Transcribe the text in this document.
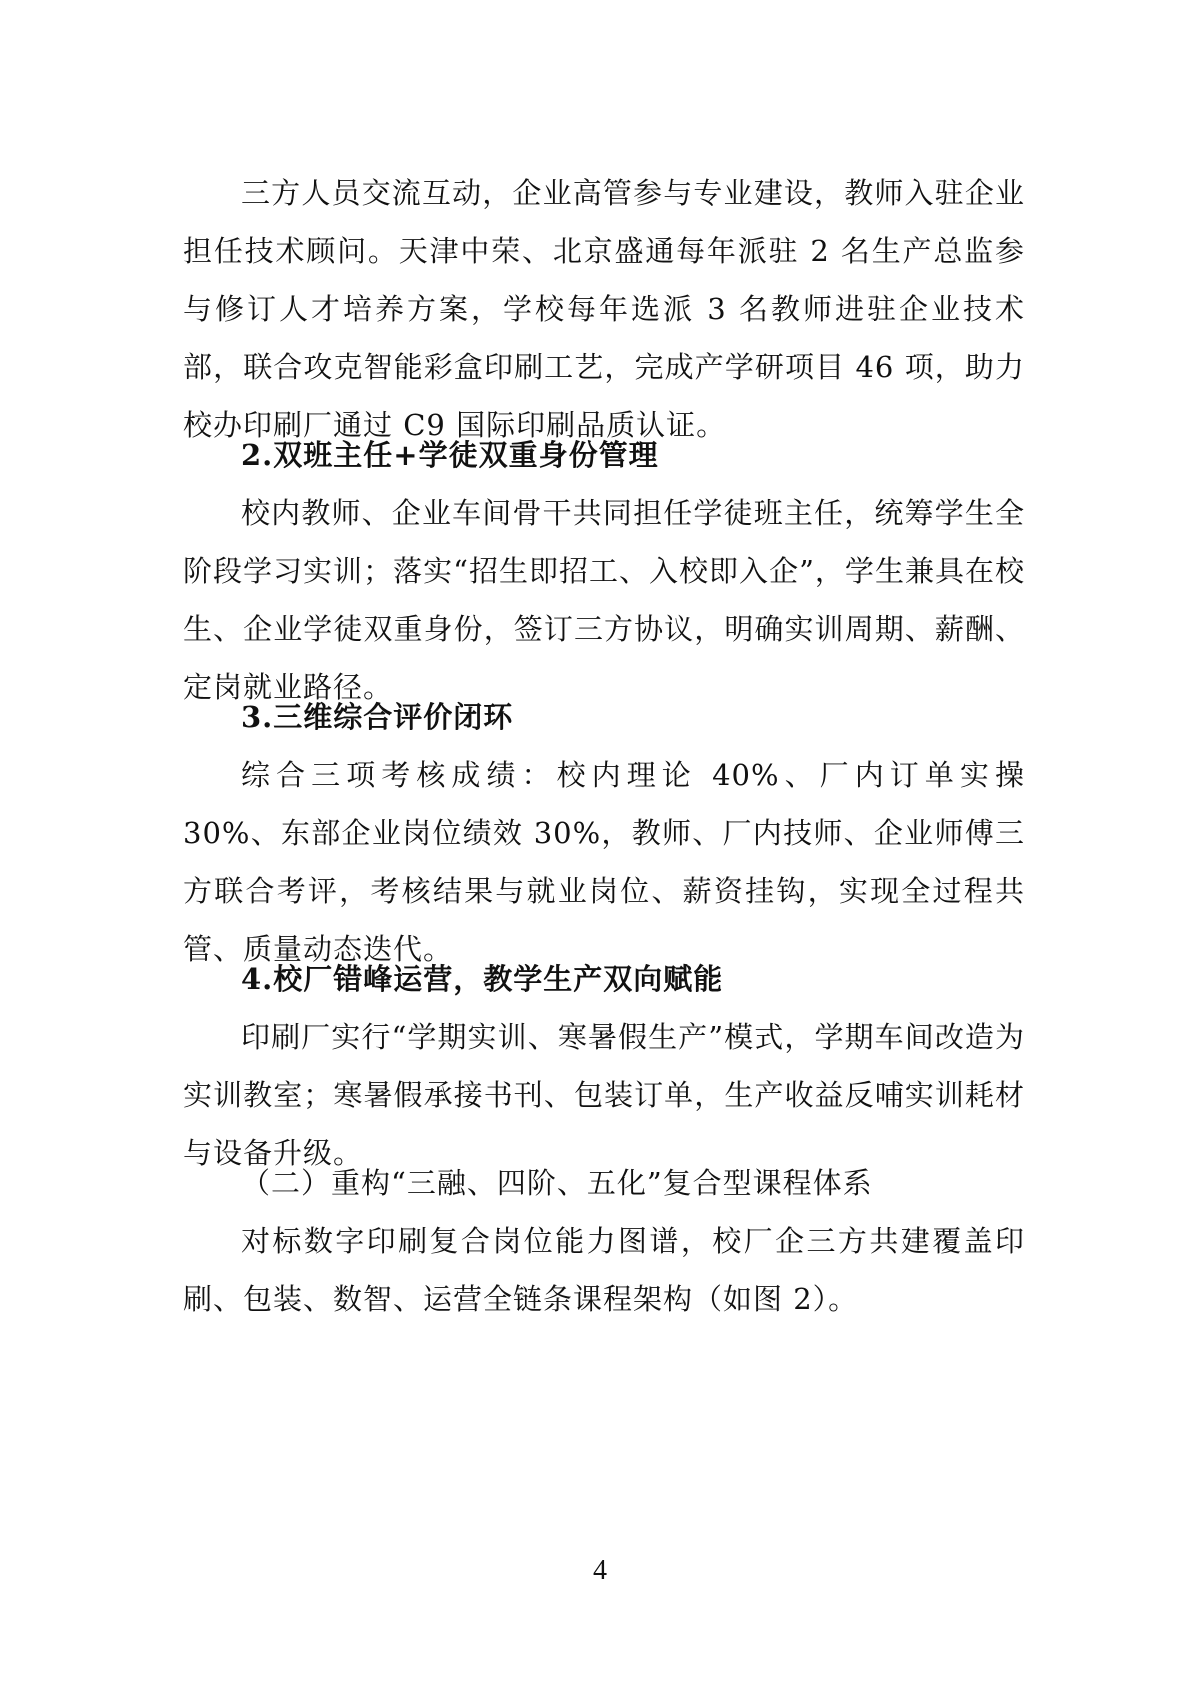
三方人员交流互动，企业高管参与专业建设，教师入驻企业担任技术顾问。天津中荣、北京盛通每年派驻 2 名生产总监参与修订人才培养方案，学校每年选派 3 名教师进驻企业技术部，联合攻克智能彩盒印刷工艺，完成产学研项目 46 项，助力校办印刷厂通过 C9 国际印刷品质认证。

2.双班主任+学徒双重身份管理

校内教师、企业车间骨干共同担任学徒班主任，统筹学生全阶段学习实训；落实“招生即招工、入校即入企”，学生兼具在校生、企业学徒双重身份，签订三方协议，明确实训周期、薪酬、定岗就业路径。

3.三维综合评价闭环

综合三项考核成绩：校内理论 40%、厂内订单实操 30%、东部企业岗位绩效 30%，教师、厂内技师、企业师傅三方联合考评，考核结果与就业岗位、薪资挂钩，实现全过程共管、质量动态迭代。

4.校厂错峰运营，教学生产双向赋能

印刷厂实行“学期实训、寒暑假生产”模式，学期车间改造为实训教室；寒暑假承接书刊、包装订单，生产收益反哺实训耗材与设备升级。

（二）重构“三融、四阶、五化”复合型课程体系

对标数字印刷复合岗位能力图谱，校厂企三方共建覆盖印刷、包装、数智、运营全链条课程架构（如图 2）。

4
